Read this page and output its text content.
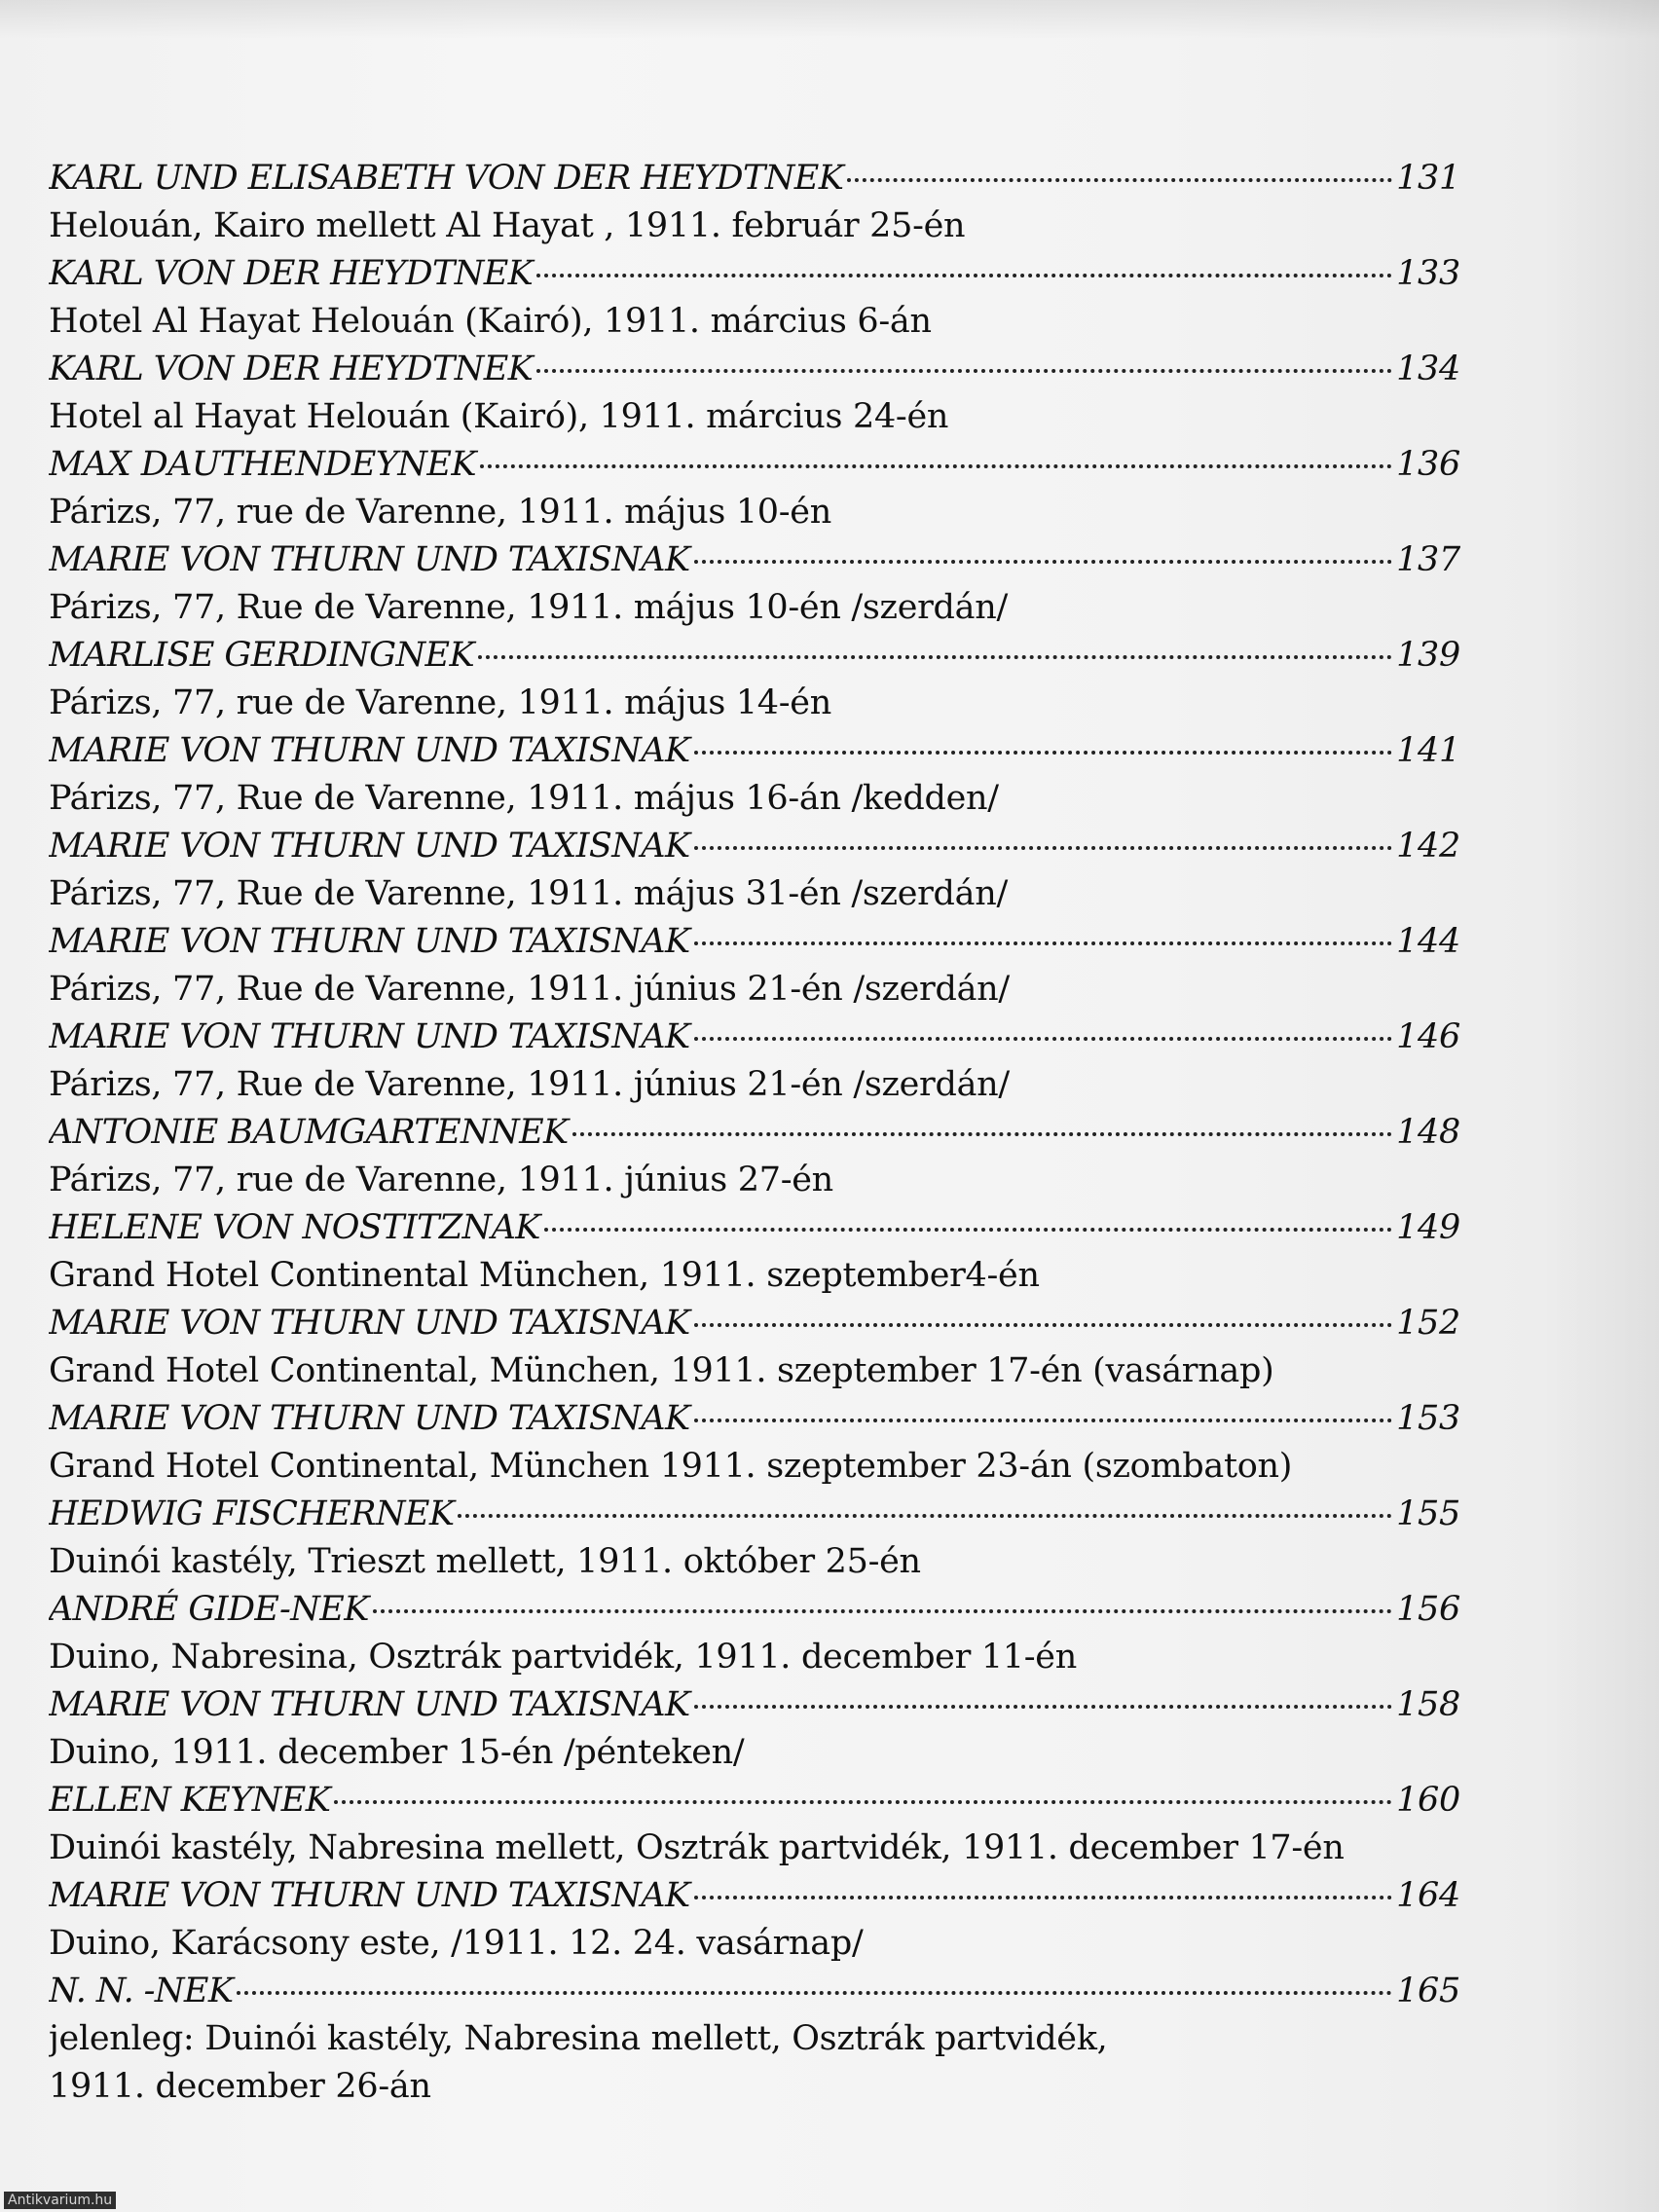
KARL UND ELISABETH VON DER HEYDTNEK	131
Helouán, Kairo mellett Al Hayat , 1911. február 25-én
KARL VON DER HEYDTNEK	133
Hotel Al Hayat Helouán (Kairó), 1911. március 6-án
KARL VON DER HEYDTNEK	134
Hotel al Hayat Helouán (Kairó), 1911. március 24-én
MAX DAUTHENDEYNEK	136
Párizs, 77, rue de Varenne, 1911. május 10-én
MARIE VON THURN UND TAXISNAK	137
Párizs, 77, Rue de Varenne, 1911. május 10-én /szerdán/
MARLISE GERDINGNEK	139
Párizs, 77, rue de Varenne, 1911. május 14-én
MARIE VON THURN UND TAXISNAK	141
Párizs, 77, Rue de Varenne, 1911. május 16-án /kedden/
MARIE VON THURN UND TAXISNAK	142
Párizs, 77, Rue de Varenne, 1911. május 31-én /szerdán/
MARIE VON THURN UND TAXISNAK	144
Párizs, 77, Rue de Varenne, 1911. június 21-én /szerdán/
MARIE VON THURN UND TAXISNAK	146
Párizs, 77, Rue de Varenne, 1911. június 21-én /szerdán/
ANTONIE BAUMGARTENNEK	148
Párizs, 77, rue de Varenne, 1911. június 27-én
HELENE VON NOSTITZNAK	149
Grand Hotel Continental München, 1911. szeptember4-én
MARIE VON THURN UND TAXISNAK	152
Grand Hotel Continental, München, 1911. szeptember 17-én (vasárnap)
MARIE VON THURN UND TAXISNAK	153
Grand Hotel Continental, München 1911. szeptember 23-án (szombaton)
HEDWIG FISCHERNEK	155
Duinói kastély, Trieszt mellett, 1911. október 25-én
ANDRÉ GIDE-NEK	156
Duino, Nabresina, Osztrák partvidék, 1911. december 11-én
MARIE VON THURN UND TAXISNAK	158
Duino, 1911. december 15-én /pénteken/
ELLEN KEYNEK	160
Duinói kastély, Nabresina mellett, Osztrák partvidék, 1911. december 17-én
MARIE VON THURN UND TAXISNAK	164
Duino, Karácsony este, /1911. 12. 24. vasárnap/
N. N. -NEK	165
jelenleg: Duinói kastély, Nabresina mellett, Osztrák partvidék,
1911. december 26-án
Antikvarium.hu
